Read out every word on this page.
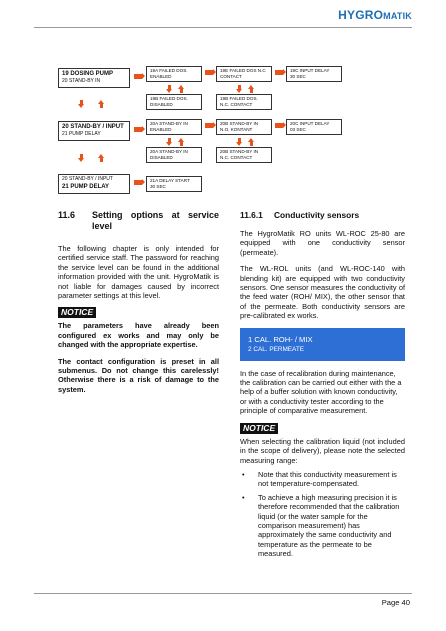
HYGROMATIK
19 DOSING PUMP
20 STAND-BY IN
19A FAILED DOS.
ENABLED
19E FAILED DOS N.C
CONTACT
19C INPUT DELAY
30 SEC
19B FAILED DOS.
DISABLED
19B FAILED DOS.
N.C. CONTACT
20 STAND-BY / INPUT
21 PUMP DELAY
20A STAND-BY IN
ENABLED
20B STAND-BY IN
N.O. KONTANT
20C INPUT DELAY
03 SEC
20A STAND-BY IN
DISABLED
20B STAND-BY IN
N.C. CONTACT
20 STAND-BY / INPUT
21 PUMP DELAY
21A DELAY START
30 SEC
11.6	Setting options at service level

The following chapter is only intended for certified service staff. The password for reaching the service level can be found in the additional information provided with the unit. HygroMatik is not liable for damages caused by incorrect parameter settings at this level.

NOTICE

The parameters have already been configured ex works and may only be changed with the appropriate expertise.

The contact configuration is preset in all submenus. Do not change this carelessly! Otherwise there is a risk of damage to the system.

11.6.1	Conductivity sensors

The HygroMatik RO units WL-ROC 25-80 are equipped with one conductivity sensor (permeate).

The WL-ROL units (and WL-ROC-140 with blending kit) are equipped with two conductivity sensors. One sensor measures the conductivity of the feed water (ROH/ MIX), the other sensor that of the permeate. Both conductivity sensors are pre-calibrated ex works.

1 CAL. ROH- / MIX
2 CAL. PERMEATE

In the case of recalibration during maintenance, the calibration can be carried out either with the a help of a buffer solution with known conductivity, or with a conductivity tester according to the principle of comparative measurement.

NOTICE

When selecting the calibration liquid (not included in the scope of delivery), please note the selected measuring range:

•	Note that this conductivity measurement is not temperature-compensated.
•	To achieve a high measuring precision it is therefore recommended that the calibration liquid (or the water sample for the comparison measurement) has approximately the same conductivity and temperature as the permeate to be measured.
Page 40
